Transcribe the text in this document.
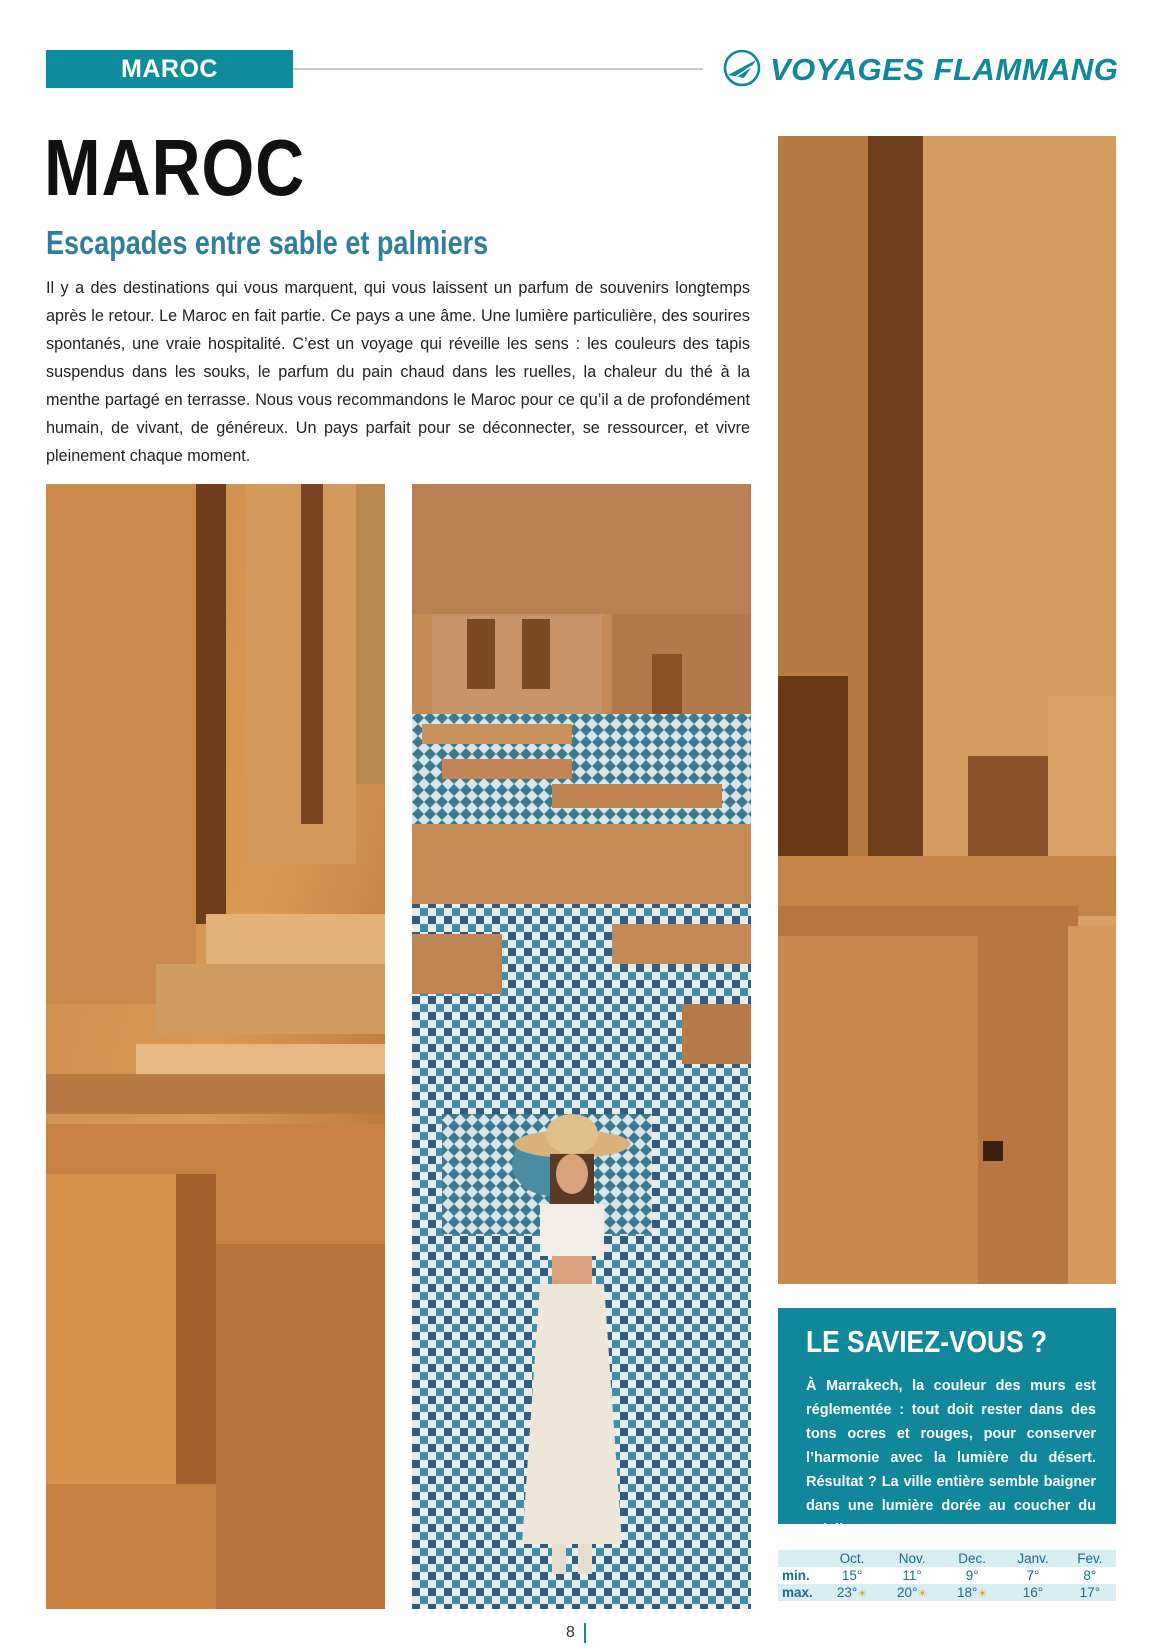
MAROC	VOYAGES FLAMMANG
MAROC
Escapades entre sable et palmiers
Il y a des destinations qui vous marquent, qui vous laissent un parfum de souvenirs longtemps après le retour. Le Maroc en fait partie. Ce pays a une âme. Une lumière particulière, des sourires spontanés, une vraie hospitalité. C’est un voyage qui réveille les sens : les couleurs des tapis suspendus dans les souks, le parfum du pain chaud dans les ruelles, la chaleur du thé à la menthe partagé en terrasse. Nous vous recommandons le Maroc pour ce qu’il a de profondément humain, de vivant, de généreux. Un pays parfait pour se déconnecter, se ressourcer, et vivre pleinement chaque moment.
LE SAVIEZ-VOUS ?
À Marrakech, la couleur des murs est réglementée : tout doit rester dans des tons ocres et rouges, pour conserver l’harmonie avec la lumière du désert. Résultat ? La ville entière semble baigner dans une lumière dorée au coucher du soleil.
	Oct.	Nov.	Dec.	Janv.	Fev.
min.	15°	11°	9°	7°	8°
max.	23°☀	20°☀	18°☀	16°	17°
8
